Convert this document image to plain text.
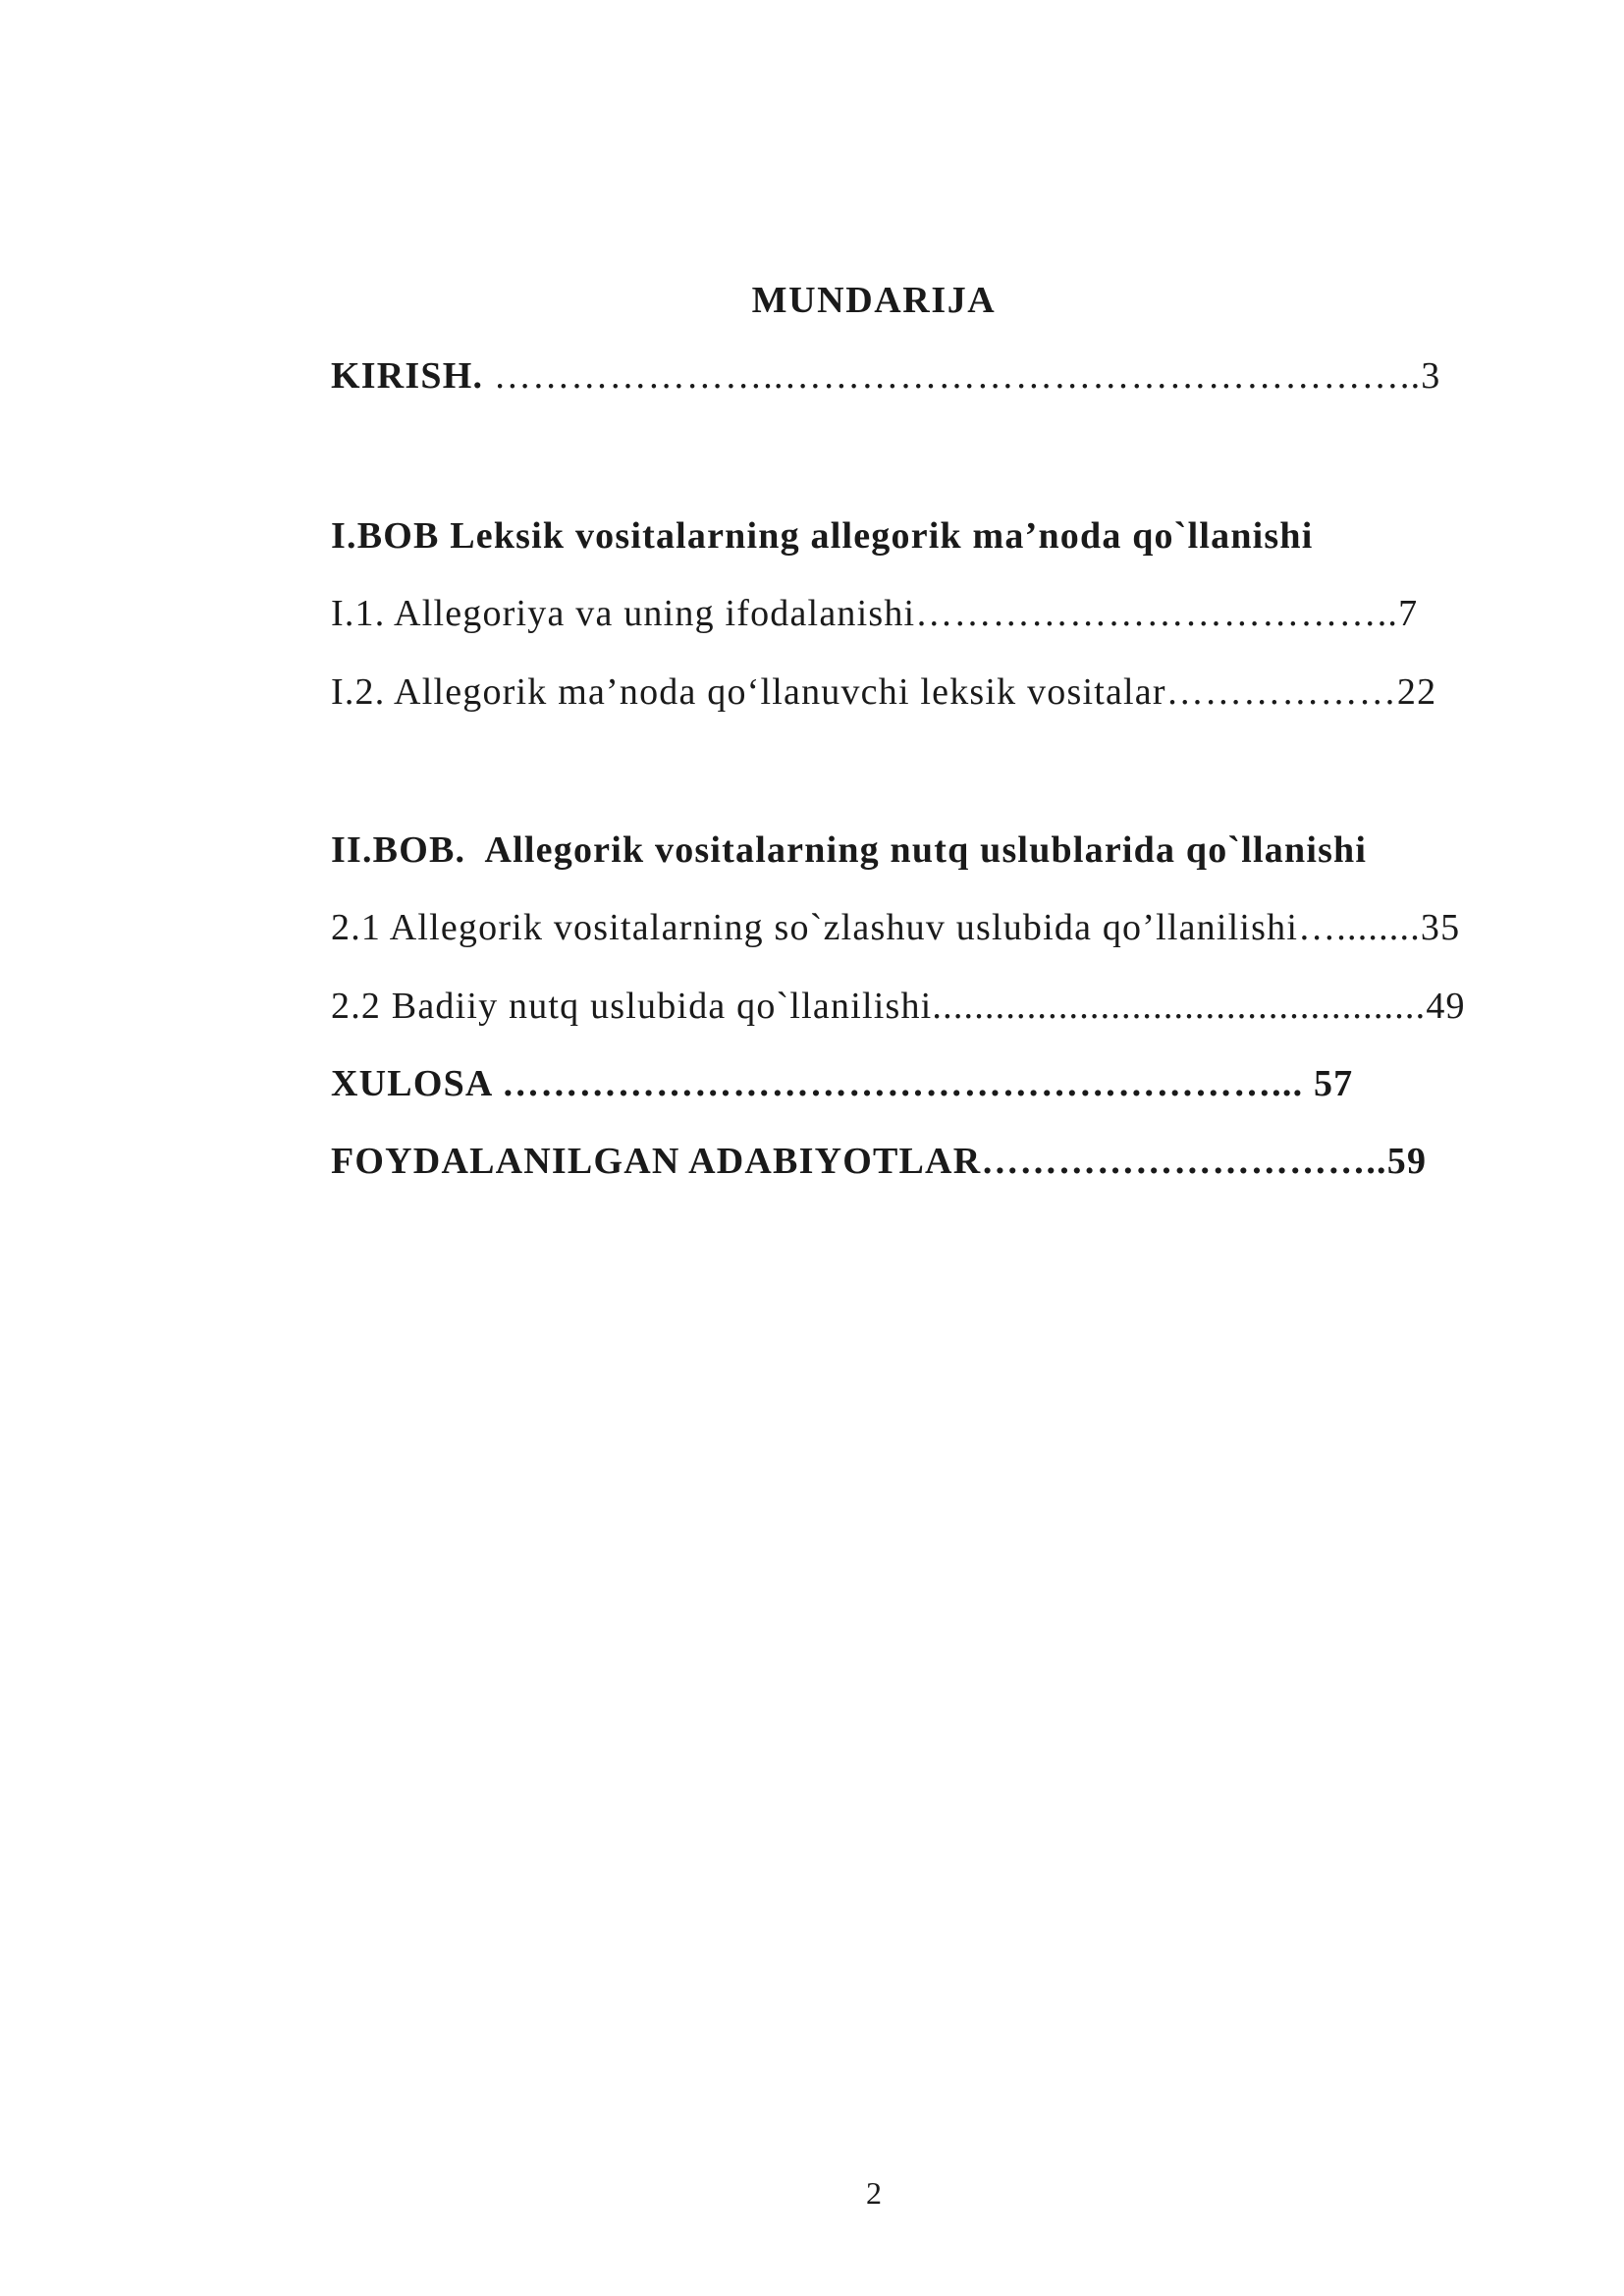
MUNDARIJA
KIRISH. …………………..…………………………………………..3
I.BOB Leksik vositalarning allegorik ma’noda qo`llanishi
I.1. Allegoriya va uning ifodalanishi………………………………..7
I.2. Allegorik ma’noda qo‘llanuvchi leksik vositalar………………22
II.BOB.  Allegorik vositalarning nutq uslublarida qo`llanishi
2.1 Allegorik vositalarning so`zlashuv uslubida qo’llanilishi…........35
2.2 Badiiy nutq uslubida qo`llanilishi...............................................49
XULOSA ……………………………………………………... 57
FOYDALANILGAN ADABIYOTLAR…………………………..59
2
